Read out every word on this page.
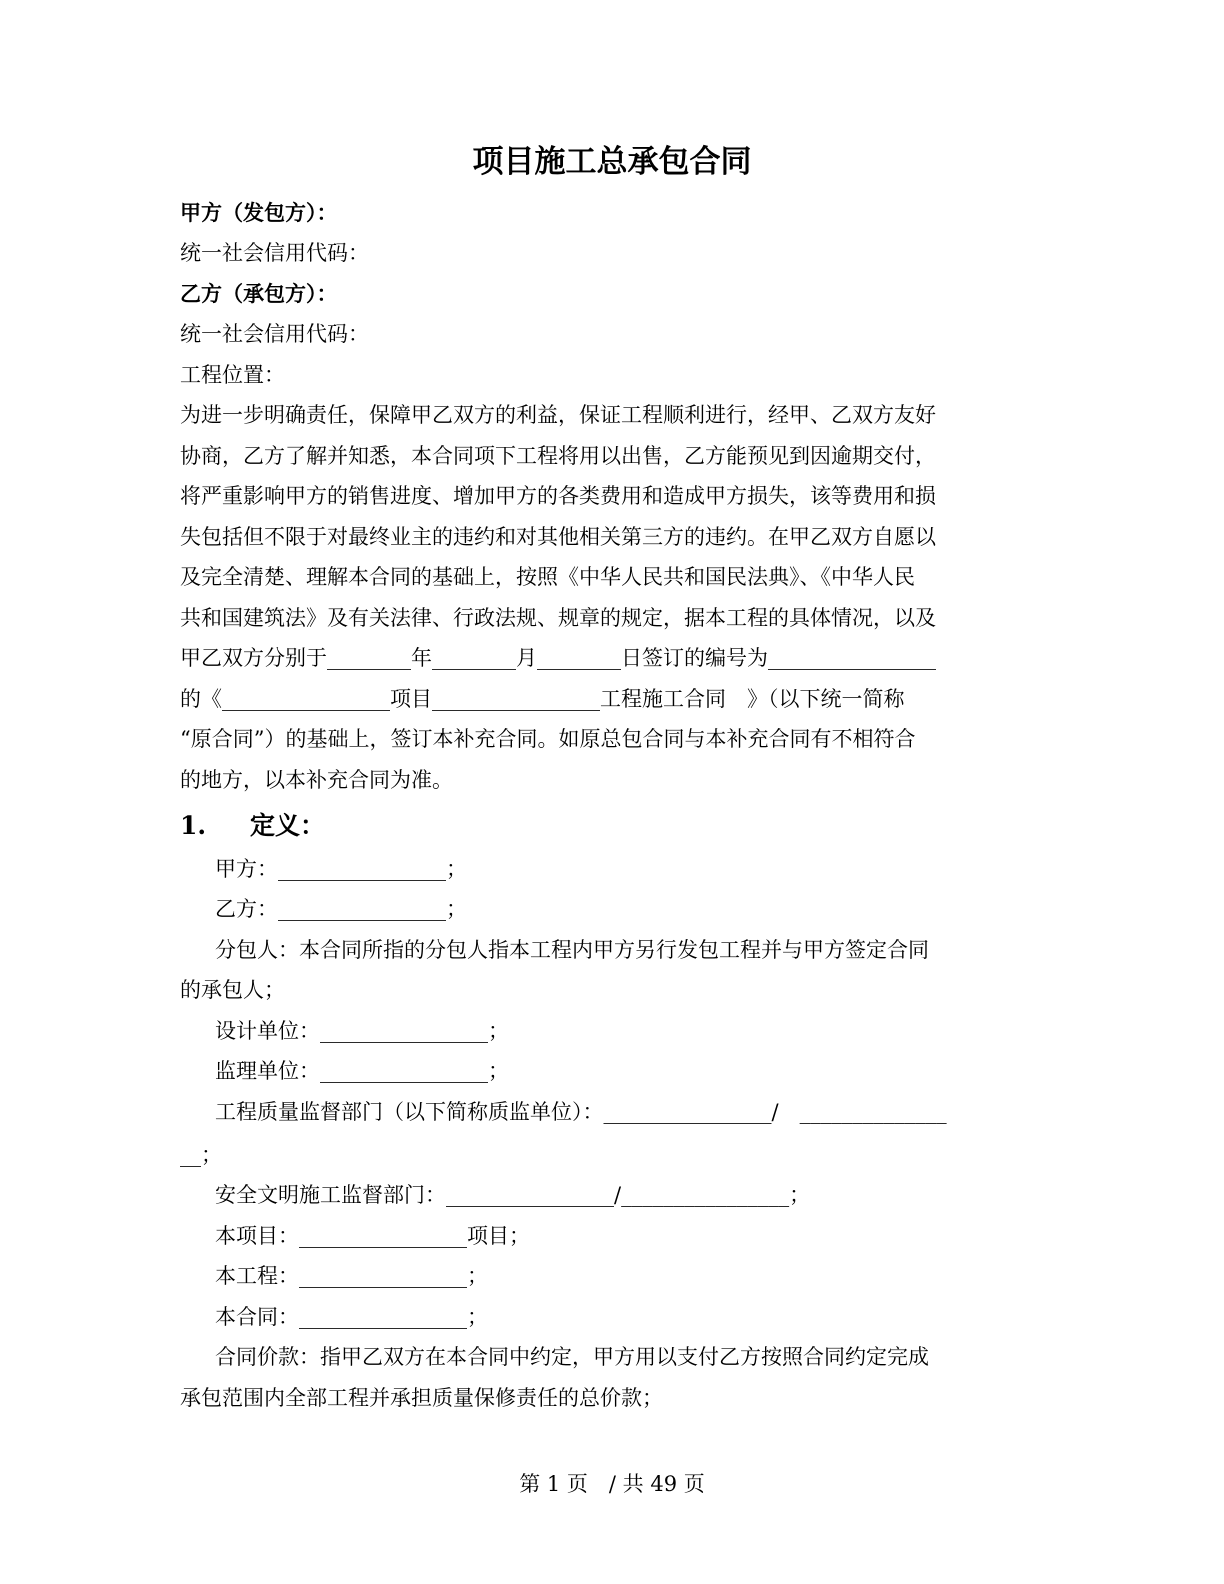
项目施工总承包合同
甲方（发包方）：
统一社会信用代码：
乙方（承包方）：
统一社会信用代码：
工程位置：
为进一步明确责任，保障甲乙双方的利益，保证工程顺利进行，经甲、乙双方友好
协商，乙方了解并知悉，本合同项下工程将用以出售，乙方能预见到因逾期交付，
将严重影响甲方的销售进度、增加甲方的各类费用和造成甲方损失，该等费用和损
失包括但不限于对最终业主的违约和对其他相关第三方的违约。在甲乙双方自愿以
及完全清楚、理解本合同的基础上，按照《中华人民共和国民法典》、《中华人民
共和国建筑法》及有关法律、行政法规、规章的规定，据本工程的具体情况，以及
甲乙双方分别于________年________月________日签订的编号为________________
的《________________项目________________工程施工合同　》（以下统一简称
“原合同”）的基础上，签订本补充合同。如原总包合同与本补充合同有不相符合
的地方，以本补充合同为准。
1. 定义：
甲方：________________；
乙方：________________；
分包人：本合同所指的分包人指本工程内甲方另行发包工程并与甲方签定合同
的承包人；
设计单位：________________；
监理单位：________________；
工程质量监督部门（以下简称质监单位）：________________/　______________
__；
安全文明施工监督部门：________________/________________；
本项目：________________项目；
本工程：________________；
本合同：________________；
合同价款：指甲乙双方在本合同中约定，甲方用以支付乙方按照合同约定完成
承包范围内全部工程并承担质量保修责任的总价款；
第 1 页　/ 共 49 页
